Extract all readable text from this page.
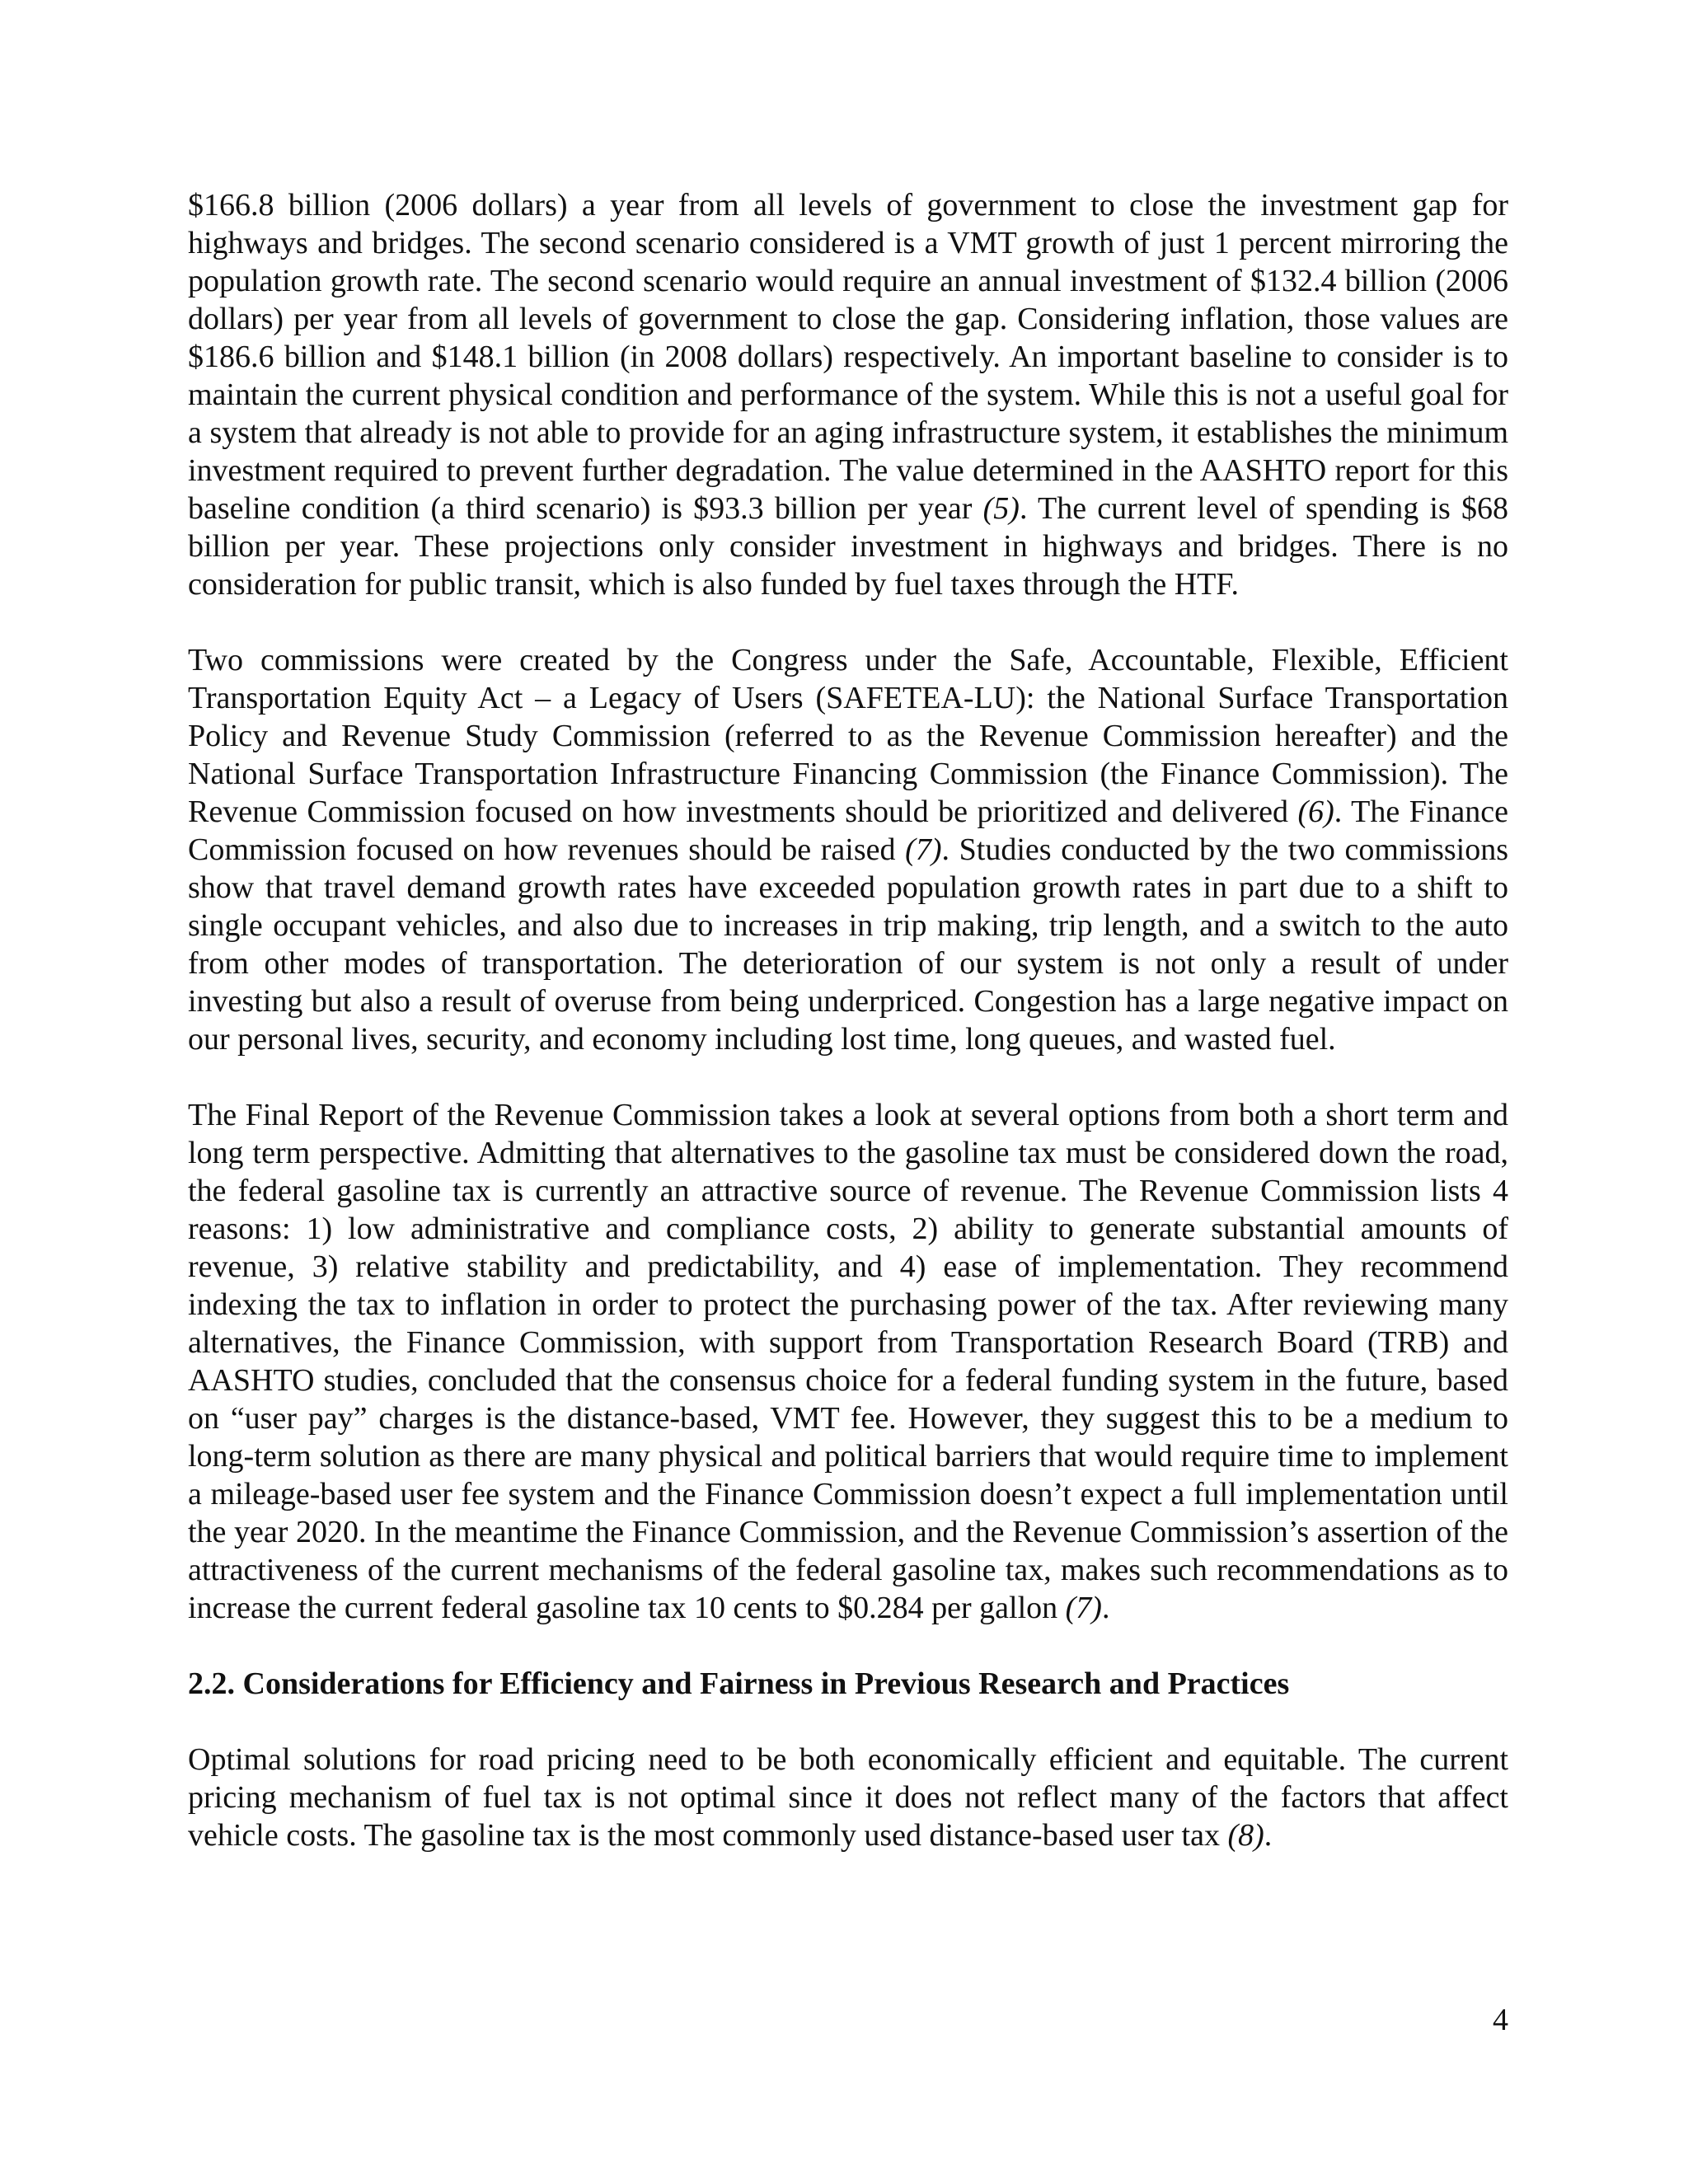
$166.8 billion (2006 dollars) a year from all levels of government to close the investment gap for highways and bridges. The second scenario considered is a VMT growth of just 1 percent mirroring the population growth rate. The second scenario would require an annual investment of $132.4 billion (2006 dollars) per year from all levels of government to close the gap. Considering inflation, those values are $186.6 billion and $148.1 billion (in 2008 dollars) respectively. An important baseline to consider is to maintain the current physical condition and performance of the system. While this is not a useful goal for a system that already is not able to provide for an aging infrastructure system, it establishes the minimum investment required to prevent further degradation. The value determined in the AASHTO report for this baseline condition (a third scenario) is $93.3 billion per year (5). The current level of spending is $68 billion per year. These projections only consider investment in highways and bridges. There is no consideration for public transit, which is also funded by fuel taxes through the HTF.

Two commissions were created by the Congress under the Safe, Accountable, Flexible, Efficient Transportation Equity Act – a Legacy of Users (SAFETEA-LU): the National Surface Transportation Policy and Revenue Study Commission (referred to as the Revenue Commission hereafter) and the National Surface Transportation Infrastructure Financing Commission (the Finance Commission). The Revenue Commission focused on how investments should be prioritized and delivered (6). The Finance Commission focused on how revenues should be raised (7). Studies conducted by the two commissions show that travel demand growth rates have exceeded population growth rates in part due to a shift to single occupant vehicles, and also due to increases in trip making, trip length, and a switch to the auto from other modes of transportation. The deterioration of our system is not only a result of under investing but also a result of overuse from being underpriced. Congestion has a large negative impact on our personal lives, security, and economy including lost time, long queues, and wasted fuel.

The Final Report of the Revenue Commission takes a look at several options from both a short term and long term perspective. Admitting that alternatives to the gasoline tax must be considered down the road, the federal gasoline tax is currently an attractive source of revenue. The Revenue Commission lists 4 reasons: 1) low administrative and compliance costs, 2) ability to generate substantial amounts of revenue, 3) relative stability and predictability, and 4) ease of implementation. They recommend indexing the tax to inflation in order to protect the purchasing power of the tax. After reviewing many alternatives, the Finance Commission, with support from Transportation Research Board (TRB) and AASHTO studies, concluded that the consensus choice for a federal funding system in the future, based on “user pay” charges is the distance-based, VMT fee. However, they suggest this to be a medium to long-term solution as there are many physical and political barriers that would require time to implement a mileage-based user fee system and the Finance Commission doesn’t expect a full implementation until the year 2020. In the meantime the Finance Commission, and the Revenue Commission’s assertion of the attractiveness of the current mechanisms of the federal gasoline tax, makes such recommendations as to increase the current federal gasoline tax 10 cents to $0.284 per gallon (7).

2.2. Considerations for Efficiency and Fairness in Previous Research and Practices

Optimal solutions for road pricing need to be both economically efficient and equitable. The current pricing mechanism of fuel tax is not optimal since it does not reflect many of the factors that affect vehicle costs. The gasoline tax is the most commonly used distance-based user tax (8).

4
